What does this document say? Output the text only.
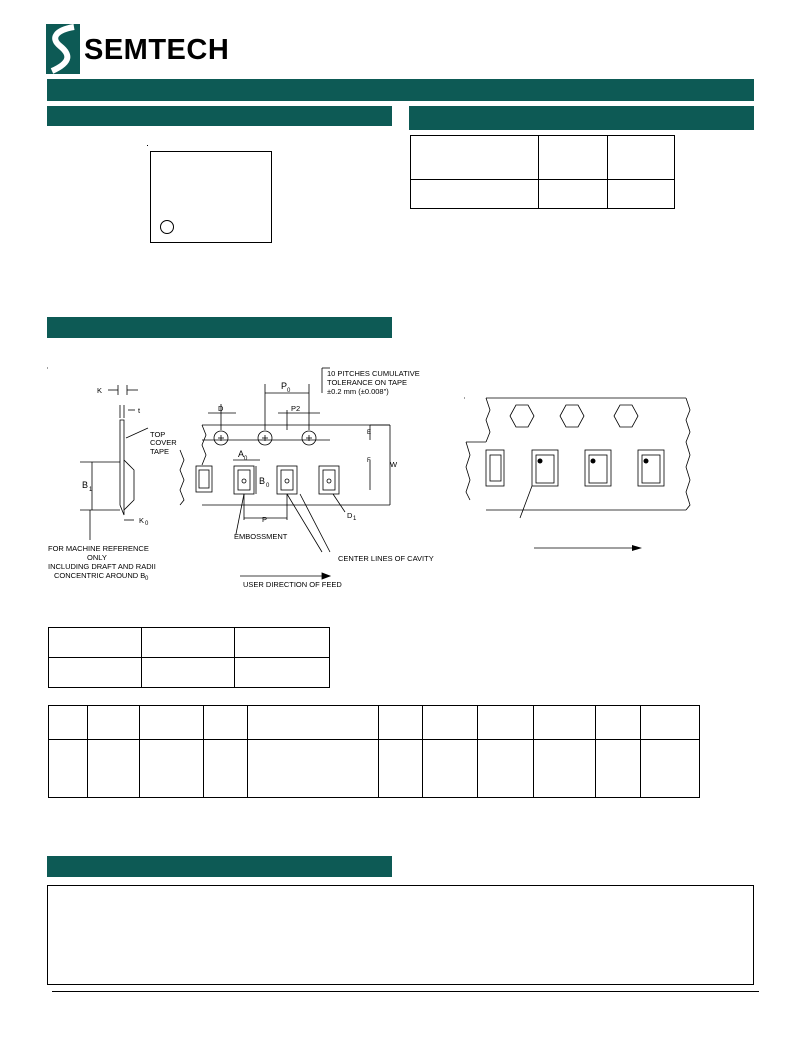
SEMTECH

K
t
TOP
COVER
TAPE
B 1
K 0
FOR MACHINE REFERENCE
ONLY
INCLUDING DRAFT AND RADII
CONCENTRIC AROUND B 0
D
P 0
P2
10 PITCHES CUMULATIVE
TOLERANCE ON TAPE
±0.2 mm (±0.008")
E
F	W
A 0
B 0
P	D 1
EMBOSSMENT
CENTER LINES OF CAVITY
USER DIRECTION OF FEED
